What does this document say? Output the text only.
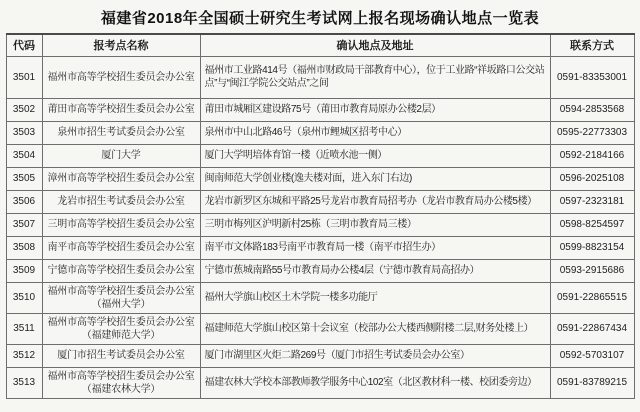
福建省2018年全国硕士研究生考试网上报名现场确认地点一览表
代码	报考点名称	确认地点及地址	联系方式
3501	福州市高等学校招生委员会办公室	福州市工业路414号（福州市财政局干部教育中心），位于工业路“祥坂路口公交站点”与“闽江学院公交站点”之间	0591-83353001
3502	莆田市高等学校招生委员会办公室	莆田市城厢区建设路75号（莆田市教育局原办公楼2层）	0594-2853568
3503	泉州市招生考试委员会办公室	泉州市中山北路46号（泉州市鲤城区招考中心）	0595-22773303
3504	厦门大学	厦门大学明培体育馆一楼（近喷水池一侧）	0592-2184166
3505	漳州市高等学校招生委员会办公室	闽南师范大学创业楼(逸夫楼对面，进入东门右边)	0596-2025108
3506	龙岩市招生考试委员会办公室	龙岩市新罗区东城和平路25号龙岩市教育局招考办（龙岩市教育局办公楼5楼）	0597-2323181
3507	三明市高等学校招生委员会办公室	三明市梅列区沪明新村25栋（三明市教育局三楼）	0598-8254597
3508	南平市高等学校招生委员会办公室	南平市文体路183号南平市教育局一楼（南平市招生办）	0599-8823154
3509	宁德市高等学校招生委员会办公室	宁德市蕉城南路55号市教育局办公楼4层（宁德市教育局高招办）	0593-2915686
3510	福州市高等学校招生委员会办公室（福州大学）	福州大学旗山校区土木学院一楼多功能厅	0591-22865515
3511	福州市高等学校招生委员会办公室（福建师范大学）	福建师范大学旗山校区第十会议室（校部办公大楼西侧附楼二层,财务处楼上）	0591-22867434
3512	厦门市招生考试委员会办公室	厦门市湖里区火炬二路269号（厦门市招生考试委员会办公室）	0592-5703107
3513	福州市高等学校招生委员会办公室（福建农林大学）	福建农林大学校本部教师教学服务中心102室（北区教材科一楼、校团委旁边）	0591-83789215
